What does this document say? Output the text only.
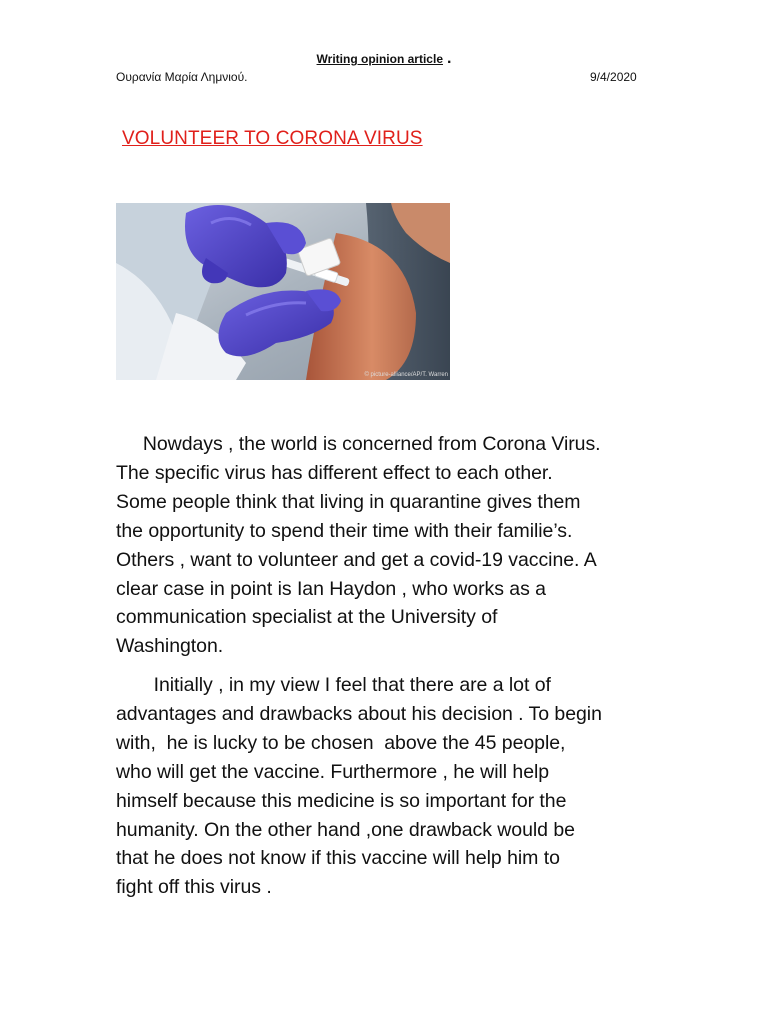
Writing opinion article .
Ουρανία Μαρία Λημνιού.	9/4/2020
VOLUNTEER TO CORONA VIRUS
© picture-alliance/AP/T. Warren
Nowdays , the world is concerned from Corona Virus.
The specific virus has different effect to each other.
Some people think that living in quarantine gives them
the opportunity to spend their time with their familie’s.
Others , want to volunteer and get a covid-19 vaccine. A
clear case in point is Ian Haydon , who works as a
communication specialist at the University of
Washington.
Initially , in my view I feel that there are a lot of
advantages and drawbacks about his decision . To begin
with,  he is lucky to be chosen  above the 45 people,
who will get the vaccine. Furthermore , he will help
himself because this medicine is so important for the
humanity. On the other hand ,one drawback would be
that he does not know if this vaccine will help him to
fight off this virus .
